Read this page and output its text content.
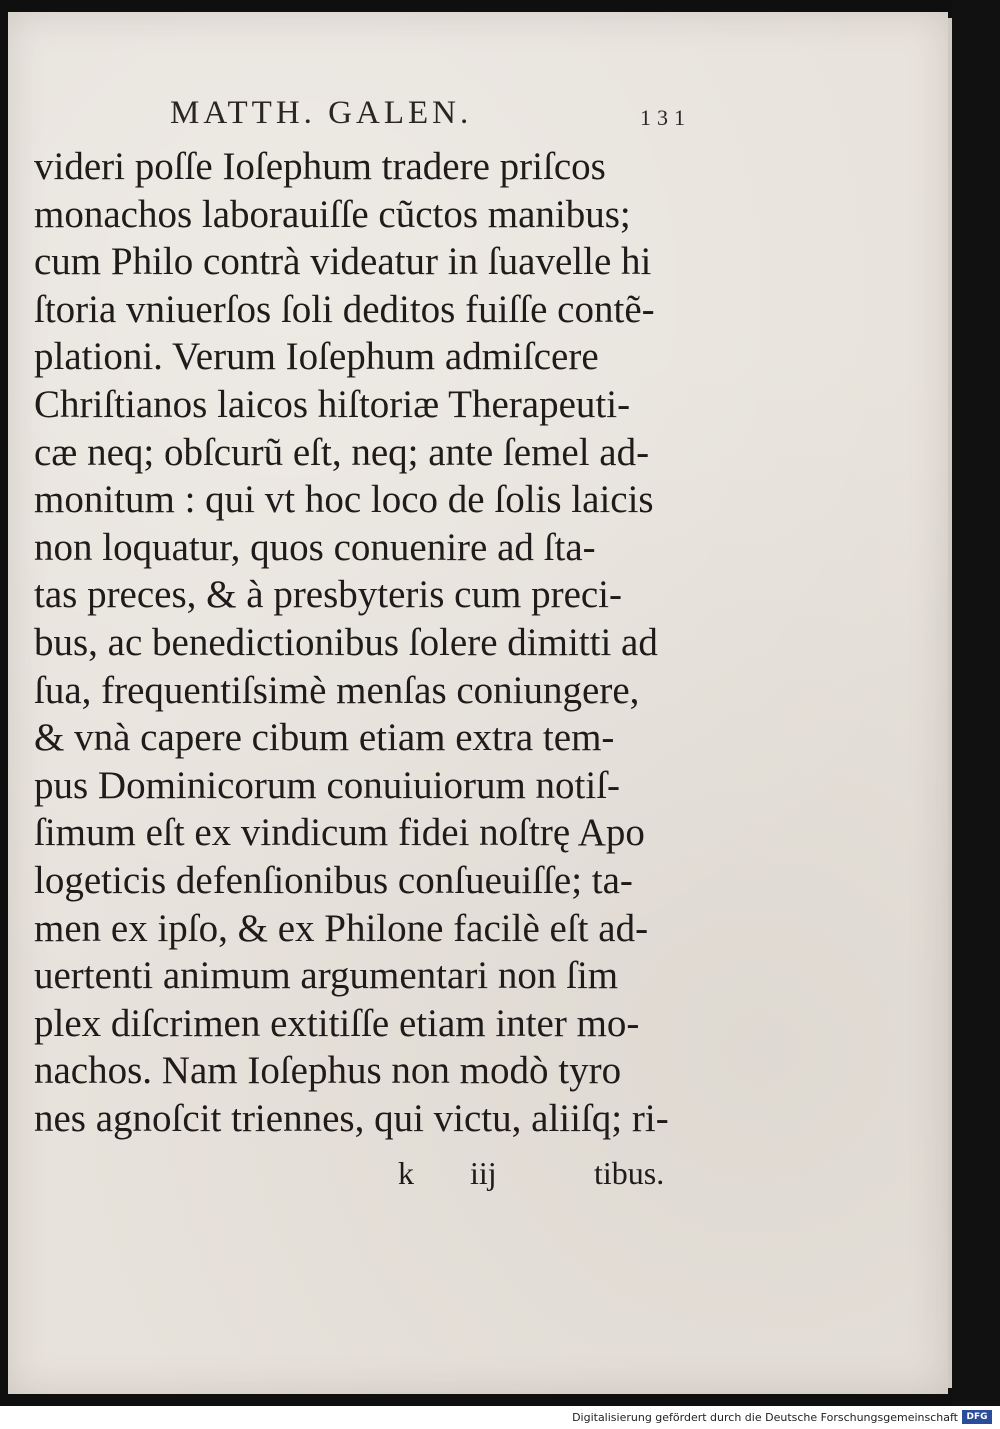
MATTH. GALEN.	131
videri poſſe Ioſephum tradere priſcos
monachos laborauiſſe cũctos manibus;
cum Philo contrà videatur in ſuavelle hi
ſtoria vniuerſos ſoli deditos fuiſſe contẽ-
plationi. Verum Ioſephum admiſcere
Chriſtianos laicos hiſtoriæ Therapeuti-
cæ neq; obſcurũ eſt, neq; ante ſemel ad-
monitum : qui vt hoc loco de ſolis laicis
non loquatur, quos conuenire ad ſta-
tas preces, & à presbyteris cum preci-
bus, ac benedictionibus ſolere dimitti ad
ſua, frequentiſsimè menſas coniungere,
& vnà capere cibum etiam extra tem-
pus Dominicorum conuiuiorum notiſ-
ſimum eſt ex vindicum fidei noſtrę Apo
logeticis defenſionibus conſueuiſſe; ta-
men ex ipſo, & ex Philone facilè eſt ad-
uertenti animum argumentari non ſim
plex diſcrimen extitiſſe etiam inter mo-
nachos. Nam Ioſephus non modò tyro
nes agnoſcit triennes, qui victu, aliiſq; ri-
k iij	tibus.
Digitalisierung gefördert durch die Deutsche Forschungsgemeinschaft DFG
